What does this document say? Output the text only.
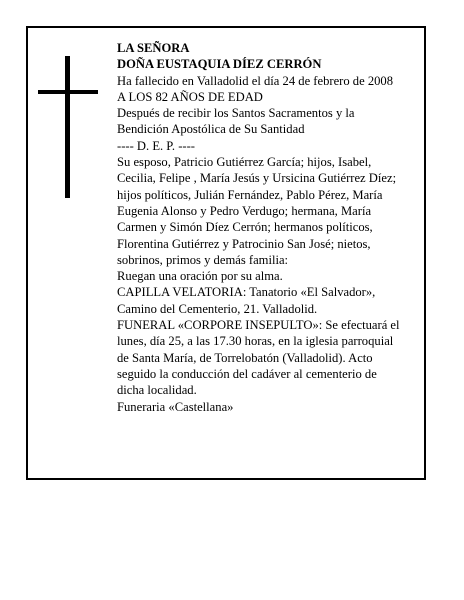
LA SEÑORA
DOÑA EUSTAQUIA DÍEZ CERRÓN
Ha fallecido en Valladolid el día 24 de febrero de 2008
A LOS 82 AÑOS DE EDAD
Después de recibir los Santos Sacramentos y la
Bendición Apostólica de Su Santidad
---- D. E. P. ----
Su esposo, Patricio Gutiérrez García; hijos, Isabel,
Cecilia, Felipe , María Jesús y Ursicina Gutiérrez Díez;
hijos políticos, Julián Fernández, Pablo Pérez, María
Eugenia Alonso y Pedro Verdugo; hermana, María
Carmen y Simón Díez Cerrón; hermanos políticos,
Florentina Gutiérrez y Patrocinio San José; nietos,
sobrinos, primos y demás familia:
Ruegan una oración por su alma.
CAPILLA VELATORIA: Tanatorio «El Salvador»,
Camino del Cementerio, 21. Valladolid.
FUNERAL «CORPORE INSEPULTO»: Se efectuará el
lunes, día 25, a las 17.30 horas, en la iglesia parroquial
de Santa María, de Torrelobatón (Valladolid). Acto
seguido la conducción del cadáver al cementerio de
dicha localidad.
Funeraria «Castellana»
